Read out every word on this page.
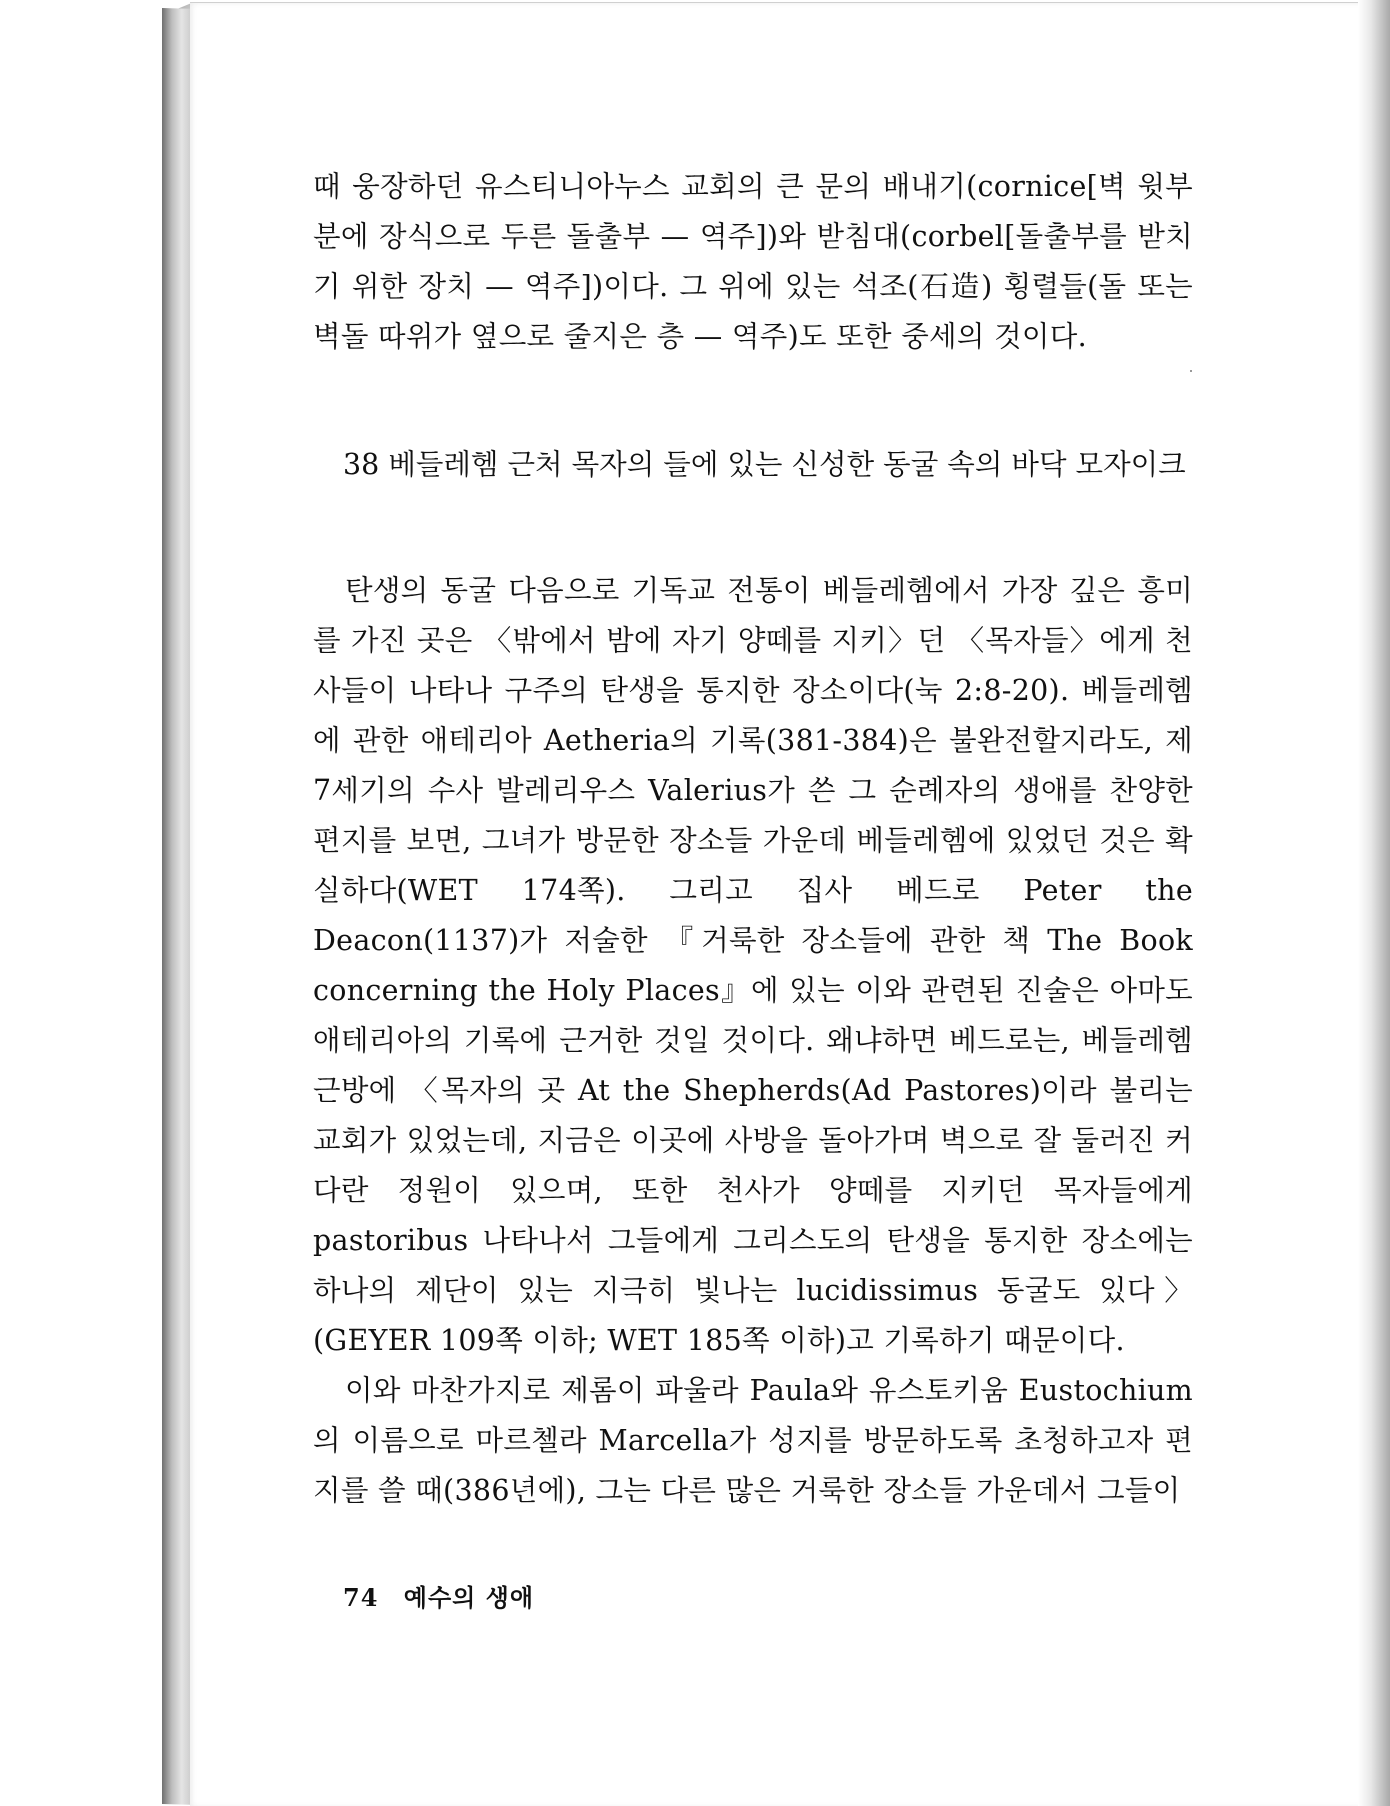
때 웅장하던 유스티니아누스 교회의 큰 문의 배내기(cornice[벽 윗부분에 장식으로 두른 돌출부 — 역주])와 받침대(corbel[돌출부를 받치기 위한 장치 — 역주])이다. 그 위에 있는 석조(石造) 횡렬들(돌 또는 벽돌 따위가 옆으로 줄지은 층 — 역주)도 또한 중세의 것이다.

38 베들레헴 근처 목자의 들에 있는 신성한 동굴 속의 바닥 모자이크

탄생의 동굴 다음으로 기독교 전통이 베들레헴에서 가장 깊은 흥미를 가진 곳은 〈밖에서 밤에 자기 양떼를 지키〉던 〈목자들〉에게 천사들이 나타나 구주의 탄생을 통지한 장소이다(눅 2:8-20). 베들레헴에 관한 애테리아 Aetheria의 기록(381-384)은 불완전할지라도, 제7세기의 수사 발레리우스 Valerius가 쓴 그 순례자의 생애를 찬양한 편지를 보면, 그녀가 방문한 장소들 가운데 베들레헴에 있었던 것은 확실하다(WET 174쪽). 그리고 집사 베드로 Peter the Deacon(1137)가 저술한 『거룩한 장소들에 관한 책 The Book concerning the Holy Places』에 있는 이와 관련된 진술은 아마도 애테리아의 기록에 근거한 것일 것이다. 왜냐하면 베드로는, 베들레헴 근방에 〈목자의 곳 At the Shepherds(Ad Pastores)이라 불리는 교회가 있었는데, 지금은 이곳에 사방을 돌아가며 벽으로 잘 둘러진 커다란 정원이 있으며, 또한 천사가 양떼를 지키던 목자들에게 pastoribus 나타나서 그들에게 그리스도의 탄생을 통지한 장소에는 하나의 제단이 있는 지극히 빛나는 lucidissimus 동굴도 있다〉(GEYER 109쪽 이하; WET 185쪽 이하)고 기록하기 때문이다.

이와 마찬가지로 제롬이 파울라 Paula와 유스토키움 Eustochium의 이름으로 마르첼라 Marcella가 성지를 방문하도록 초청하고자 편지를 쓸 때(386년에), 그는 다른 많은 거룩한 장소들 가운데서 그들이

74 예수의 생애
